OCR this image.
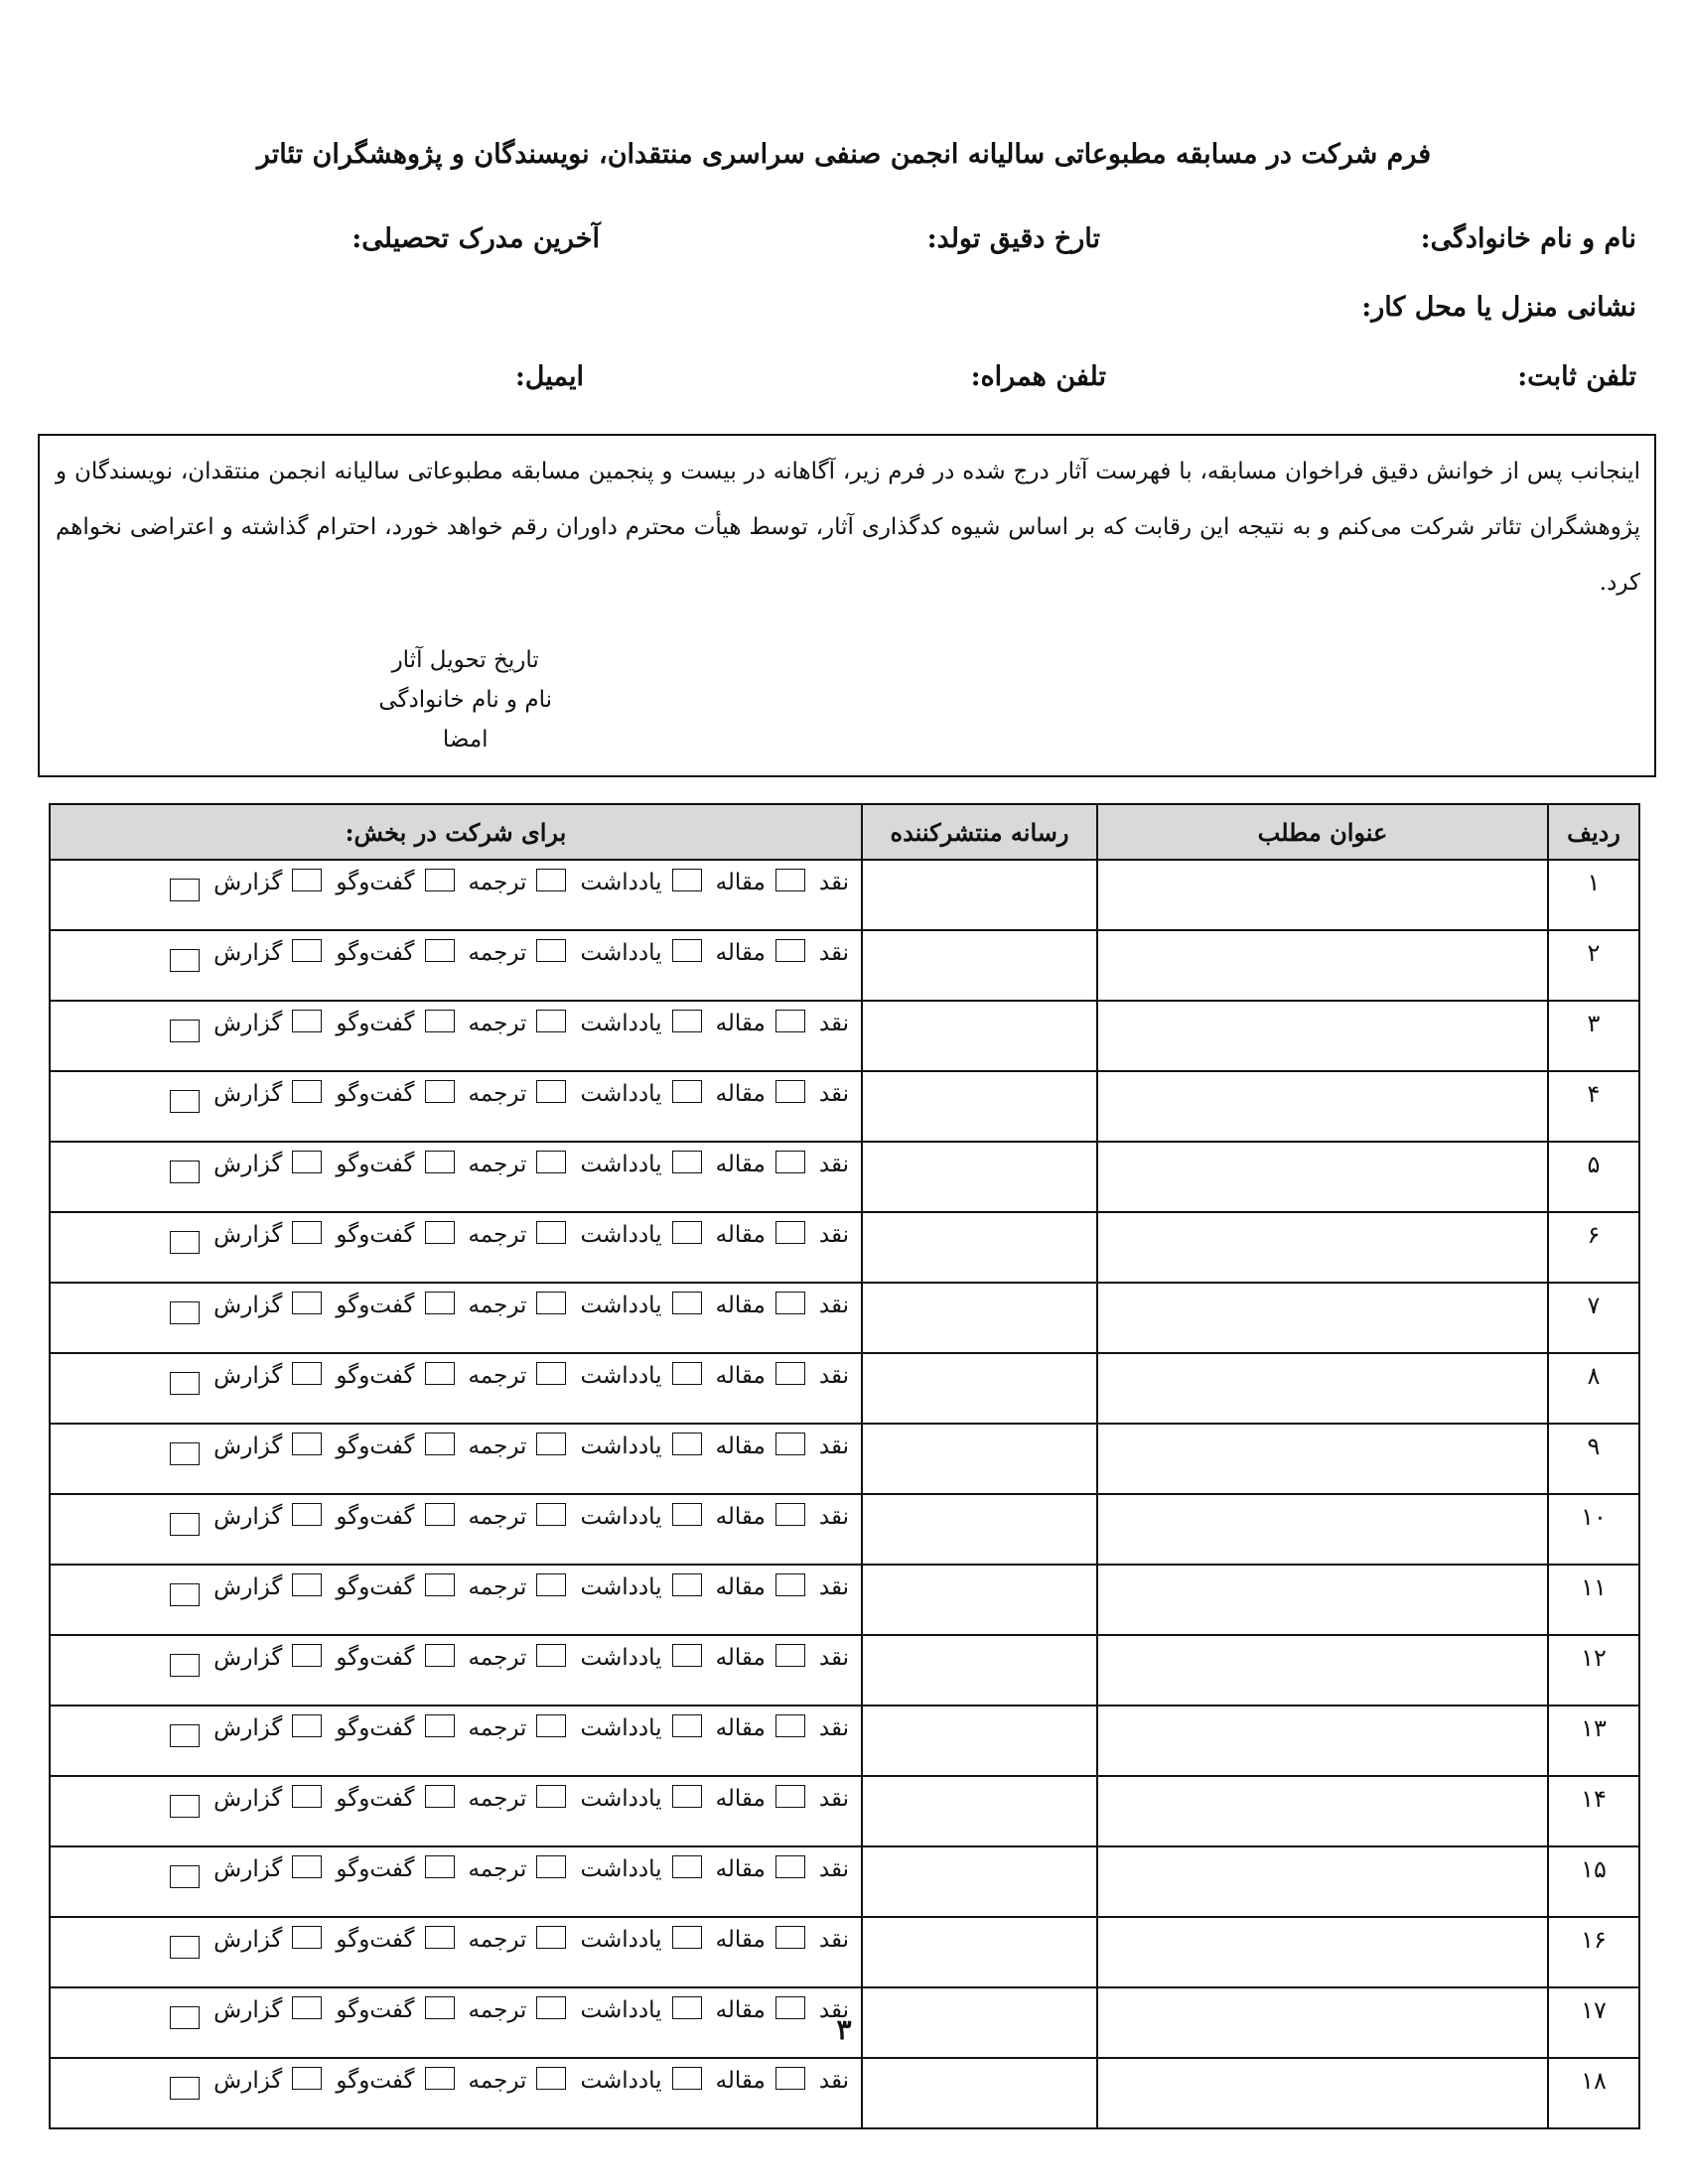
فرم شرکت در مسابقه مطبوعاتی سالیانه انجمن صنفی سراسری منتقدان، نویسندگان و پژوهشگران تئاتر
نام و نام خانوادگی:
تارخ دقیق تولد:
آخرین مدرک تحصیلی:
نشانی منزل یا محل کار:
تلفن ثابت:
تلفن همراه:
ایمیل:
اینجانب پس از خوانش دقیق فراخوان مسابقه، با فهرست آثار درج شده در فرم زیر، آگاهانه در بیست و پنجمین مسابقه مطبوعاتی سالیانه انجمن منتقدان، نویسندگان و پژوهشگران تئاتر شرکت می‌کنم و به نتیجه این رقابت که بر اساس شیوه کدگذاری آثار، توسط هیأت محترم داوران رقم خواهد خورد، احترام گذاشته و اعتراضی نخواهم کرد.
تاریخ تحویل آثار
نام و نام خانوادگی
امضا
ردیف	عنوان مطلب	رسانه منتشرکننده	برای شرکت در بخش:
۱			نقدمقالهیادداشتترجمهگفت‌وگوگزارش
۲			نقدمقالهیادداشتترجمهگفت‌وگوگزارش
۳			نقدمقالهیادداشتترجمهگفت‌وگوگزارش
۴			نقدمقالهیادداشتترجمهگفت‌وگوگزارش
۵			نقدمقالهیادداشتترجمهگفت‌وگوگزارش
۶			نقدمقالهیادداشتترجمهگفت‌وگوگزارش
۷			نقدمقالهیادداشتترجمهگفت‌وگوگزارش
۸			نقدمقالهیادداشتترجمهگفت‌وگوگزارش
۹			نقدمقالهیادداشتترجمهگفت‌وگوگزارش
۱۰			نقدمقالهیادداشتترجمهگفت‌وگوگزارش
۱۱			نقدمقالهیادداشتترجمهگفت‌وگوگزارش
۱۲			نقدمقالهیادداشتترجمهگفت‌وگوگزارش
۱۳			نقدمقالهیادداشتترجمهگفت‌وگوگزارش
۱۴			نقدمقالهیادداشتترجمهگفت‌وگوگزارش
۱۵			نقدمقالهیادداشتترجمهگفت‌وگوگزارش
۱۶			نقدمقالهیادداشتترجمهگفت‌وگوگزارش
۱۷			نقدمقالهیادداشتترجمهگفت‌وگوگزارش
۱۸			نقدمقالهیادداشتترجمهگفت‌وگوگزارش
۳
